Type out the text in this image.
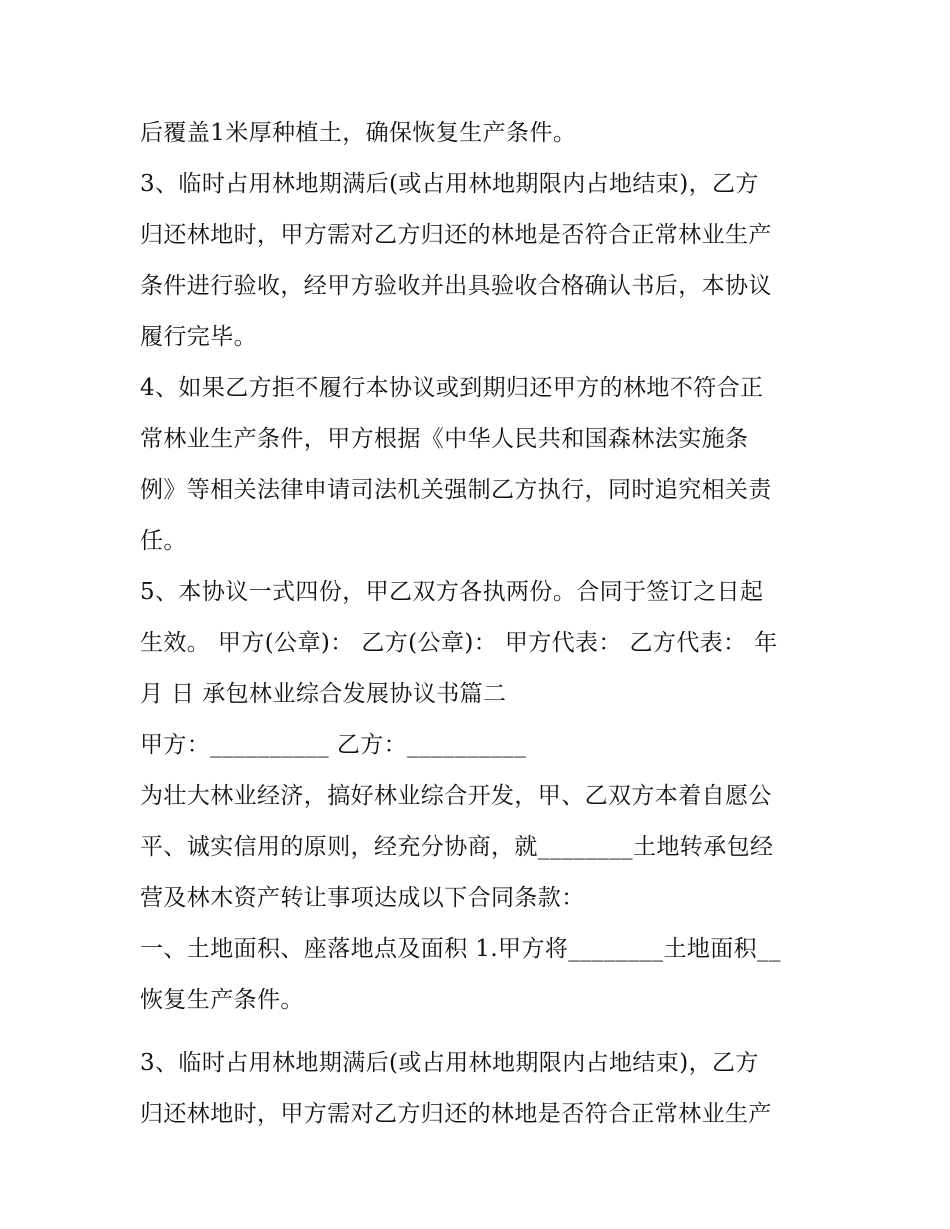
后覆盖1米厚种植土，确保恢复生产条件。
3、临时占用林地期满后(或占用林地期限内占地结束)，乙方
归还林地时，甲方需对乙方归还的林地是否符合正常林业生产
条件进行验收，经甲方验收并出具验收合格确认书后，本协议
履行完毕。
4、如果乙方拒不履行本协议或到期归还甲方的林地不符合正
常林业生产条件，甲方根据《中华人民共和国森林法实施条
例》等相关法律申请司法机关强制乙方执行，同时追究相关责
任。
5、本协议一式四份，甲乙双方各执两份。合同于签订之日起
生效。 甲方(公章)： 乙方(公章)： 甲方代表： 乙方代表： 年
月 日 承包林业综合发展协议书篇二
甲方：__________ 乙方：__________
为壮大林业经济，搞好林业综合开发，甲、乙双方本着自愿公
平、诚实信用的原则，经充分协商，就________土地转承包经
营及林木资产转让事项达成以下合同条款：
一、土地面积、座落地点及面积 1.甲方将________土地面积__
恢复生产条件。
3、临时占用林地期满后(或占用林地期限内占地结束)，乙方
归还林地时，甲方需对乙方归还的林地是否符合正常林业生产
